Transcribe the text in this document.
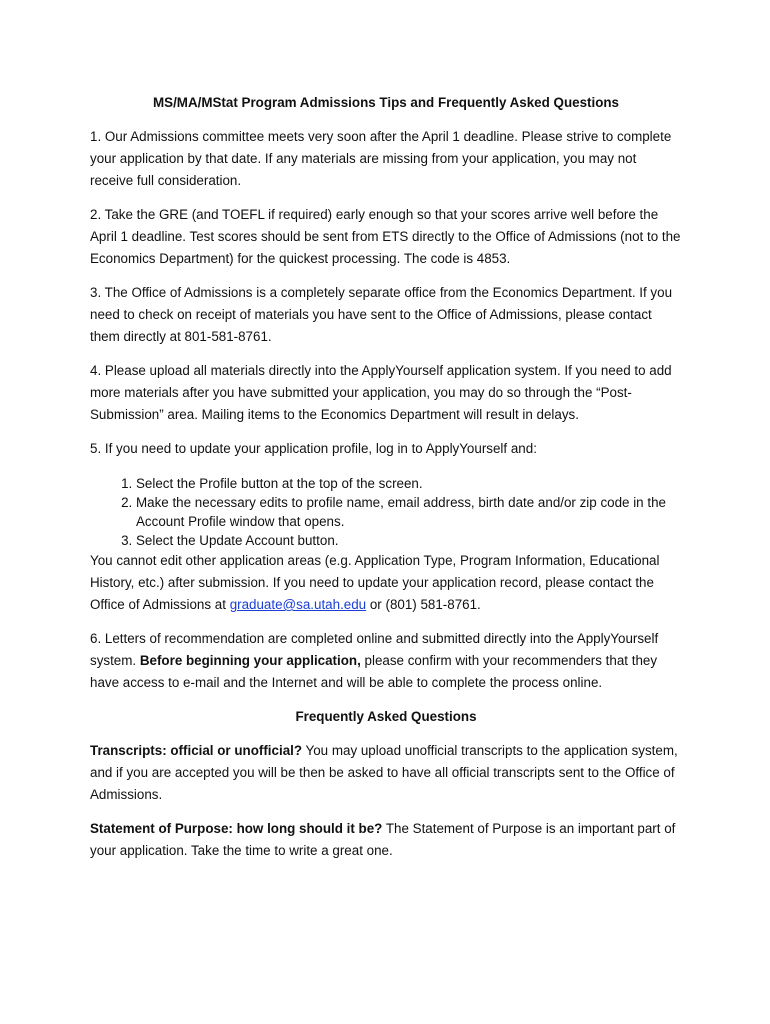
MS/MA/MStat Program Admissions Tips and Frequently Asked Questions

1. Our Admissions committee meets very soon after the April 1 deadline. Please strive to complete your application by that date. If any materials are missing from your application, you may not receive full consideration.

2. Take the GRE (and TOEFL if required) early enough so that your scores arrive well before the April 1 deadline. Test scores should be sent from ETS directly to the Office of Admissions (not to the Economics Department) for the quickest processing. The code is 4853.

3. The Office of Admissions is a completely separate office from the Economics Department. If you need to check on receipt of materials you have sent to the Office of Admissions, please contact them directly at 801-581-8761.

4. Please upload all materials directly into the ApplyYourself application system. If you need to add more materials after you have submitted your application, you may do so through the “Post-Submission” area. Mailing items to the Economics Department will result in delays.

5. If you need to update your application profile, log in to ApplyYourself and:

1. Select the Profile button at the top of the screen.
2. Make the necessary edits to profile name, email address, birth date and/or zip code in the Account Profile window that opens.
3. Select the Update Account button.

You cannot edit other application areas (e.g. Application Type, Program Information, Educational History, etc.) after submission. If you need to update your application record, please contact the Office of Admissions at graduate@sa.utah.edu or (801) 581-8761.

6. Letters of recommendation are completed online and submitted directly into the ApplyYourself system. Before beginning your application, please confirm with your recommenders that they have access to e-mail and the Internet and will be able to complete the process online.

Frequently Asked Questions

Transcripts: official or unofficial? You may upload unofficial transcripts to the application system, and if you are accepted you will be then be asked to have all official transcripts sent to the Office of Admissions.

Statement of Purpose: how long should it be? The Statement of Purpose is an important part of your application. Take the time to write a great one.
